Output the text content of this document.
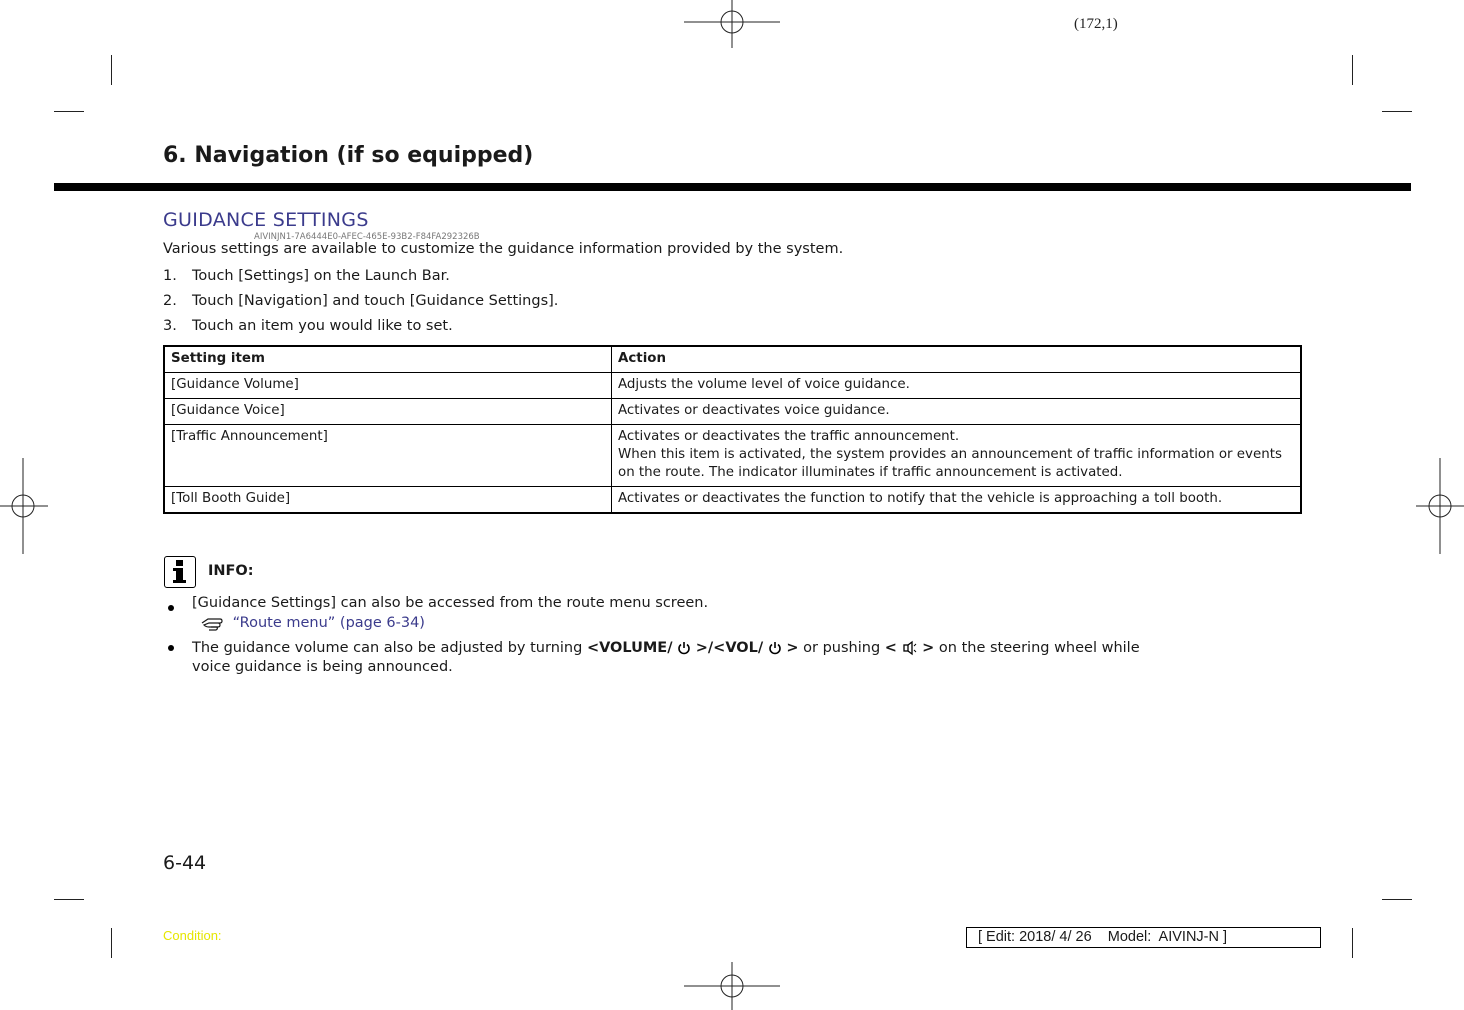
(172,1)
6. Navigation (if so equipped)
GUIDANCE SETTINGS
AIVINJN1-7A6444E0-AFEC-465E-93B2-F84FA292326B
Various settings are available to customize the guidance information provided by the system.
1. Touch [Settings] on the Launch Bar.
2. Touch [Navigation] and touch [Guidance Settings].
3. Touch an item you would like to set.
Setting item	Action
[Guidance Volume]	Adjusts the volume level of voice guidance.
[Guidance Voice]	Activates or deactivates voice guidance.
[Traffic Announcement]	Activates or deactivates the traffic announcement.
When this item is activated, the system provides an announcement of traffic information or events on the route. The indicator illuminates if traffic announcement is activated.

[Toll Booth Guide]	Activates or deactivates the function to notify that the vehicle is approaching a toll booth.
INFO:
[Guidance Settings] can also be accessed from the route menu screen.
“Route menu” (page 6-34)
The guidance volume can also be adjusted by turning <VOLUME/ >/<VOL/ > or pushing < > on the steering wheel while
voice guidance is being announced.
6-44
Condition:	[ Edit: 2018/ 4/ 26    Model:  AIVINJ-N ]
